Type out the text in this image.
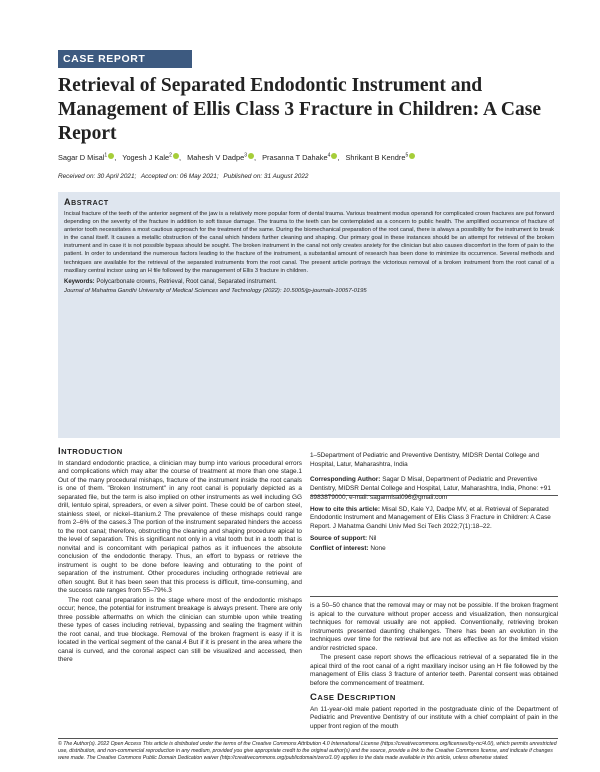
CASE REPORT
Retrieval of Separated Endodontic Instrument and Management of Ellis Class 3 Fracture in Children: A Case Report
Sagar D Misal$^1$ , Yogesh J Kale$^2$ , Mahesh V Dadpe$^3$ , Prasanna T Dahake$^4$ , Shrikant B Kendre$^5$
Received on: 30 April 2021; Accepted on: 06 May 2021; Published on: 31 August 2022
ABSTRACT

Incisal fracture of the teeth of the anterior segment of the jaw is a relatively more popular form of dental trauma. Various treatment modus operandi for complicated crown fractures are put forward depending on the severity of the fracture in addition to soft tissue damage. The trauma to the teeth can be contemplated as a concern to public health. The amplified occurrence of fracture of anterior tooth necessitates a most cautious approach for the treatment of the same. During the biomechanical preparation of the root canal, there is always a possibility for the instrument to break in the canal itself. It causes a metallic obstruction of the canal which hinders further cleaning and shaping. Our primary goal in these instances should be an attempt for retrieval of the broken instrument and in case it is not possible bypass should be sought. The broken instrument in the canal not only creates anxiety for the clinician but also causes discomfort in the form of pain to the patient. In order to understand the numerous factors leading to the fracture of the instrument, a substantial amount of research has been done to minimize its occurrence. Several methods and techniques are available for the retrieval of the separated instruments from the root canal. The present article portrays the victorious removal of a broken instrument from the root canal of a maxillary central incisor using an H file followed by the management of Ellis 3 fracture in children.

Keywords: Polycarbonate crowns, Retrieval, Root canal, Separated instrument.

Journal of Mahatma Gandhi University of Medical Sciences and Technology (2022): 10.5005/jp-journals-10057-0195

INTRODUCTION

In standard endodontic practice, a clinician may bump into various procedural errors and complications which may alter the course of treatment at more than one stage.1 Out of the many procedural mishaps, fracture of the instrument inside the root canals is one of them. "Broken Instrument" in any root canal is popularly depicted as a separated file, but the term is also implied on other instruments as well including GG drill, lentulo spiral, spreaders, or even a silver point. These could be of carbon steel, stainless steel, or nickel–titanium.2 The prevalence of these mishaps could range from 2–6% of the cases.3 The portion of the instrument separated hinders the access to the root canal; therefore, obstructing the cleaning and shaping procedure apical to the level of separation. This is significant not only in a vital tooth but in a tooth that is nonvital and is concomitant with periapical pathos as it influences the absolute conclusion of the endodontic therapy. Thus, an effort to bypass or retrieve the instrument is ought to be done before leaving and obturating to the point of separation of the instrument. Other procedures including orthograde retrieval are often sought. But it has been seen that this process is difficult, time-consuming, and the success rate ranges from 55–79%.3

The root canal preparation is the stage where most of the endodontic mishaps occur; hence, the potential for instrument breakage is always present. There are only three possible aftermaths on which the clinician can stumble upon while treating these types of cases including retrieval, bypassing and sealing the fragment within the root canal, and true blockage. Removal of the broken fragment is easy if it is located in the vertical segment of the canal.4 But if it is present in the area where the canal is curved, and the coronal aspect can still be visualized and accessed, then there

1–5Department of Pediatric and Preventive Dentistry, MIDSR Dental College and Hospital, Latur, Maharashtra, India

Corresponding Author: Sagar D Misal, Department of Pediatric and Preventive Dentistry, MIDSR Dental College and Hospital, Latur, Maharashtra, India, Phone: +91 8983879000, e-mail: sagarmisal096@gmail.com

How to cite this article: Misal SD, Kale YJ, Dadpe MV, et al. Retrieval of Separated Endodontic Instrument and Management of Ellis Class 3 Fracture in Children: A Case Report. J Mahatma Gandhi Univ Med Sci Tech 2022;7(1):18–22.

Source of support: Nil

Conflict of interest: None

is a 50–50 chance that the removal may or may not be possible. If the broken fragment is apical to the curvature without proper access and visualization, then nonsurgical techniques for removal usually are not applied. Conventionally, retrieving broken instruments presented daunting challenges. There has been an evolution in the techniques over time for the retrieval but are not as effective as for the limited vision and/or restricted space.

The present case report shows the efficacious retrieval of a separated file in the apical third of the root canal of a right maxillary incisor using an H file followed by the management of Ellis class 3 fracture of anterior teeth. Parental consent was obtained before the commencement of treatment.

CASE DESCRIPTION

An 11-year-old male patient reported in the postgraduate clinic of the Department of Pediatric and Preventive Dentistry of our institute with a chief complaint of pain in the upper front region of the mouth

© The Author(s). 2022 Open Access This article is distributed under the terms of the Creative Commons Attribution 4.0 International License (https://creativecommons.org/licenses/by-nc/4.0/), which permits unrestricted use, distribution, and non-commercial reproduction in any medium, provided you give appropriate credit to the original author(s) and the source, provide a link to the Creative Commons license, and indicate if changes were made. The Creative Commons Public Domain Dedication waiver (http://creativecommons.org/publicdomain/zero/1.0/) applies to the data made available in this article, unless otherwise stated.
